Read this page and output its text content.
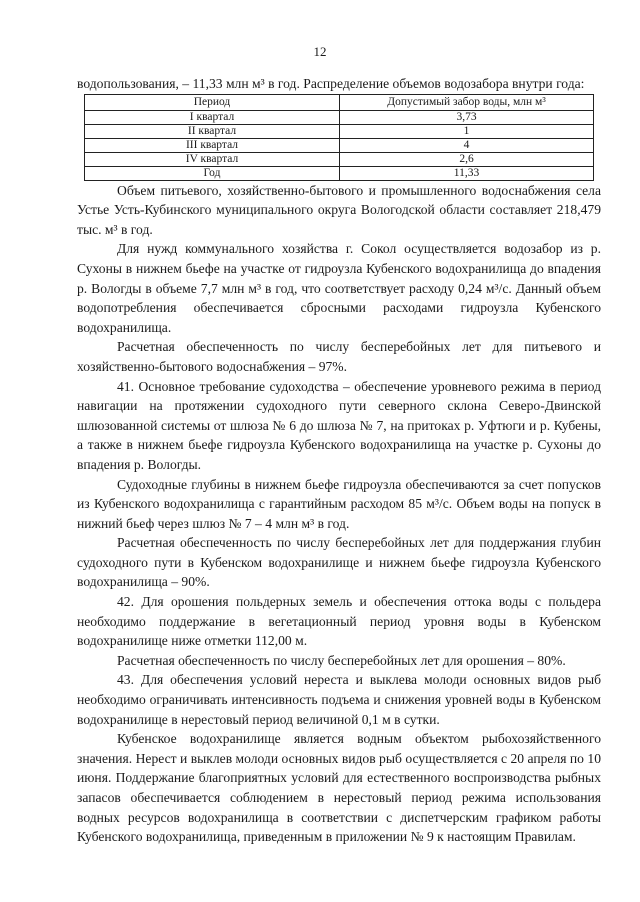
12

водопользования, – 11,33 млн м³ в год. Распределение объемов водозабора внутри года:

Период	Допустимый забор воды, млн м³
I квартал	3,73
II квартал	1
III квартал	4
IV квартал	2,6
Год	11,33

Объем питьевого, хозяйственно-бытового и промышленного водоснабжения села Устье Усть-Кубинского муниципального округа Вологодской области составляет 218,479 тыс. м³ в год.

Для нужд коммунального хозяйства г. Сокол осуществляется водозабор из р. Сухоны в нижнем бьефе на участке от гидроузла Кубенского водохранилища до впадения р. Вологды в объеме 7,7 млн м³ в год, что соответствует расходу 0,24 м³/с. Данный объем водопотребления обеспечивается сбросными расходами гидроузла Кубенского водохранилища.

Расчетная обеспеченность по числу бесперебойных лет для питьевого и хозяйственно-бытового водоснабжения – 97%.

41. Основное требование судоходства – обеспечение уровневого режима в период навигации на протяжении судоходного пути северного склона Северо-Двинской шлюзованной системы от шлюза № 6 до шлюза № 7, на притоках р. Уфтюги и р. Кубены, а также в нижнем бьефе гидроузла Кубенского водохранилища на участке р. Сухоны до впадения р. Вологды.

Судоходные глубины в нижнем бьефе гидроузла обеспечиваются за счет попусков из Кубенского водохранилища с гарантийным расходом 85 м³/с. Объем воды на попуск в нижний бьеф через шлюз № 7 – 4 млн м³ в год.

Расчетная обеспеченность по числу бесперебойных лет для поддержания глубин судоходного пути в Кубенском водохранилище и нижнем бьефе гидроузла Кубенского водохранилища – 90%.

42. Для орошения польдерных земель и обеспечения оттока воды с польдера необходимо поддержание в вегетационный период уровня воды в Кубенском водохранилище ниже отметки 112,00 м.

Расчетная обеспеченность по числу бесперебойных лет для орошения – 80%.

43. Для обеспечения условий нереста и выклева молоди основных видов рыб необходимо ограничивать интенсивность подъема и снижения уровней воды в Кубенском водохранилище в нерестовый период величиной 0,1 м в сутки.

Кубенское водохранилище является водным объектом рыбохозяйственного значения. Нерест и выклев молоди основных видов рыб осуществляется с 20 апреля по 10 июня. Поддержание благоприятных условий для естественного воспроизводства рыбных запасов обеспечивается соблюдением в нерестовый период режима использования водных ресурсов водохранилища в соответствии с диспетчерским графиком работы Кубенского водохранилища, приведенным в приложении № 9 к настоящим Правилам.
